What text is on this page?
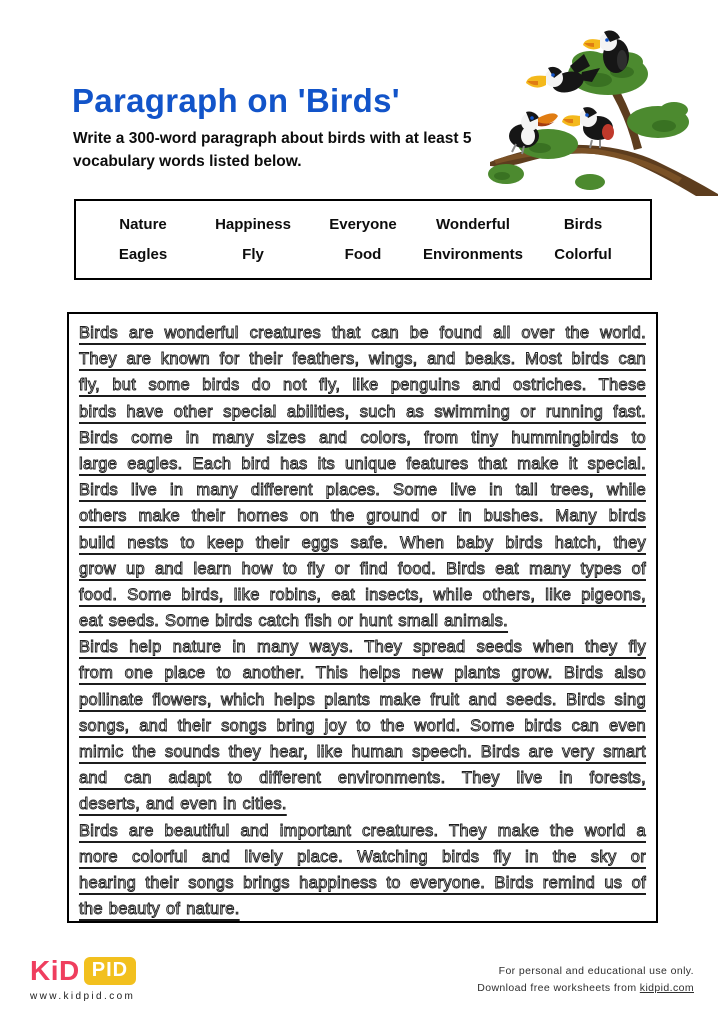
Paragraph on 'Birds'
Write a 300-word paragraph about birds with at least 5 vocabulary words listed below.
Nature	Happiness	Everyone	Wonderful	Birds
Eagles	Fly	Food	Environments	Colorful
Birds are wonderful creatures that can be found all over the world.
They are known for their feathers, wings, and beaks. Most birds can
fly, but some birds do not fly, like penguins and ostriches. These
birds have other special abilities, such as swimming or running fast.
Birds come in many sizes and colors, from tiny hummingbirds to
large eagles. Each bird has its unique features that make it special.
Birds live in many different places. Some live in tall trees, while
others make their homes on the ground or in bushes. Many birds
build nests to keep their eggs safe. When baby birds hatch, they
grow up and learn how to fly or find food. Birds eat many types of
food. Some birds, like robins, eat insects, while others, like pigeons,
eat seeds. Some birds catch fish or hunt small animals.
Birds help nature in many ways. They spread seeds when they fly
from one place to another. This helps new plants grow. Birds also
pollinate flowers, which helps plants make fruit and seeds. Birds sing
songs, and their songs bring joy to the world. Some birds can even
mimic the sounds they hear, like human speech. Birds are very smart
and can adapt to different environments. They live in forests,
deserts, and even in cities.
Birds are beautiful and important creatures. They make the world a
more colorful and lively place. Watching birds fly in the sky or
hearing their songs brings happiness to everyone. Birds remind us of
the beauty of nature.
KiD PID
www.kidpid.com
For personal and educational use only.
Download free worksheets from kidpid.com
